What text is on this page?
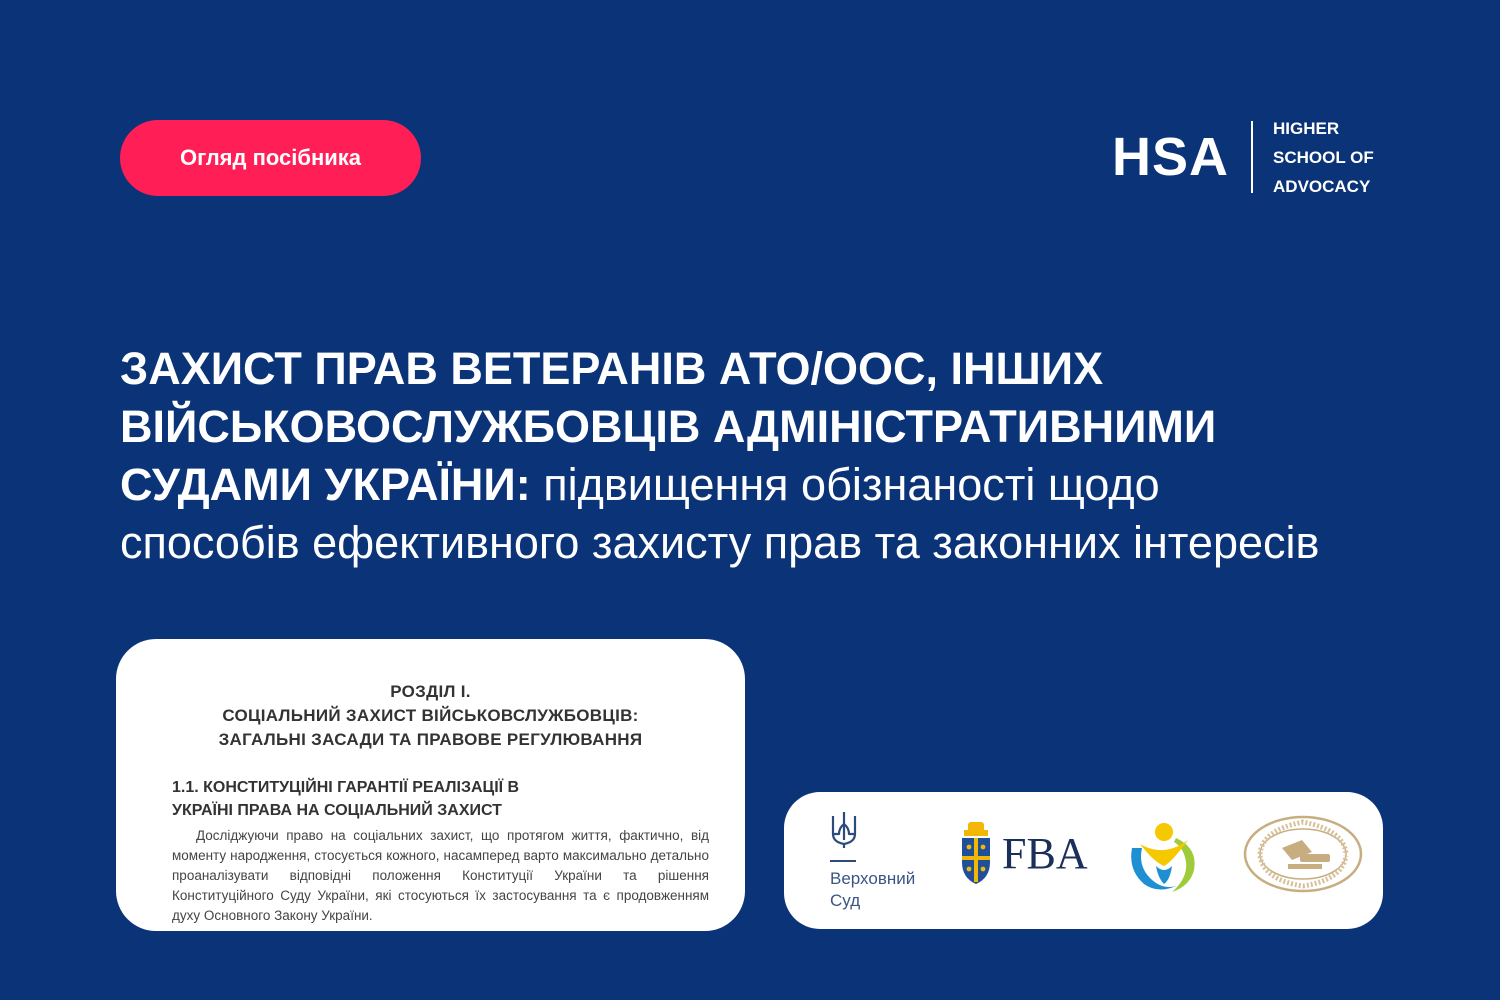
Огляд посібника	HSA	HIGHER
SCHOOL OF
ADVOCACY
ЗАХИСТ ПРАВ ВЕТЕРАНІВ АТО/ООС, ІНШИХ
ВІЙСЬКОВОСЛУЖБОВЦІВ АДМІНІСТРАТИВНИМИ
СУДАМИ УКРАЇНИ: підвищення обізнаності щодо
способів ефективного захисту прав та законних інтересів
РОЗДІЛ І.
СОЦІАЛЬНИЙ ЗАХИСТ ВІЙСЬКОВСЛУЖБОВЦІВ:
ЗАГАЛЬНІ ЗАСАДИ ТА ПРАВОВЕ РЕГУЛЮВАННЯ
1.1. КОНСТИТУЦІЙНІ ГАРАНТІЇ РЕАЛІЗАЦІЇ В
УКРАЇНІ ПРАВА НА СОЦІАЛЬНИЙ ЗАХИСТ

Досліджуючи право на соціальних захист, що протягом життя, фактично, від моменту народження, стосується кожного, насамперед варто максимально детально проаналізувати відповідні положення Конституції України та рішення Конституційного Суду України, які стосуються їх застосування та є продовженням духу Основного Закону України.

Верховний
Суд
FBA
